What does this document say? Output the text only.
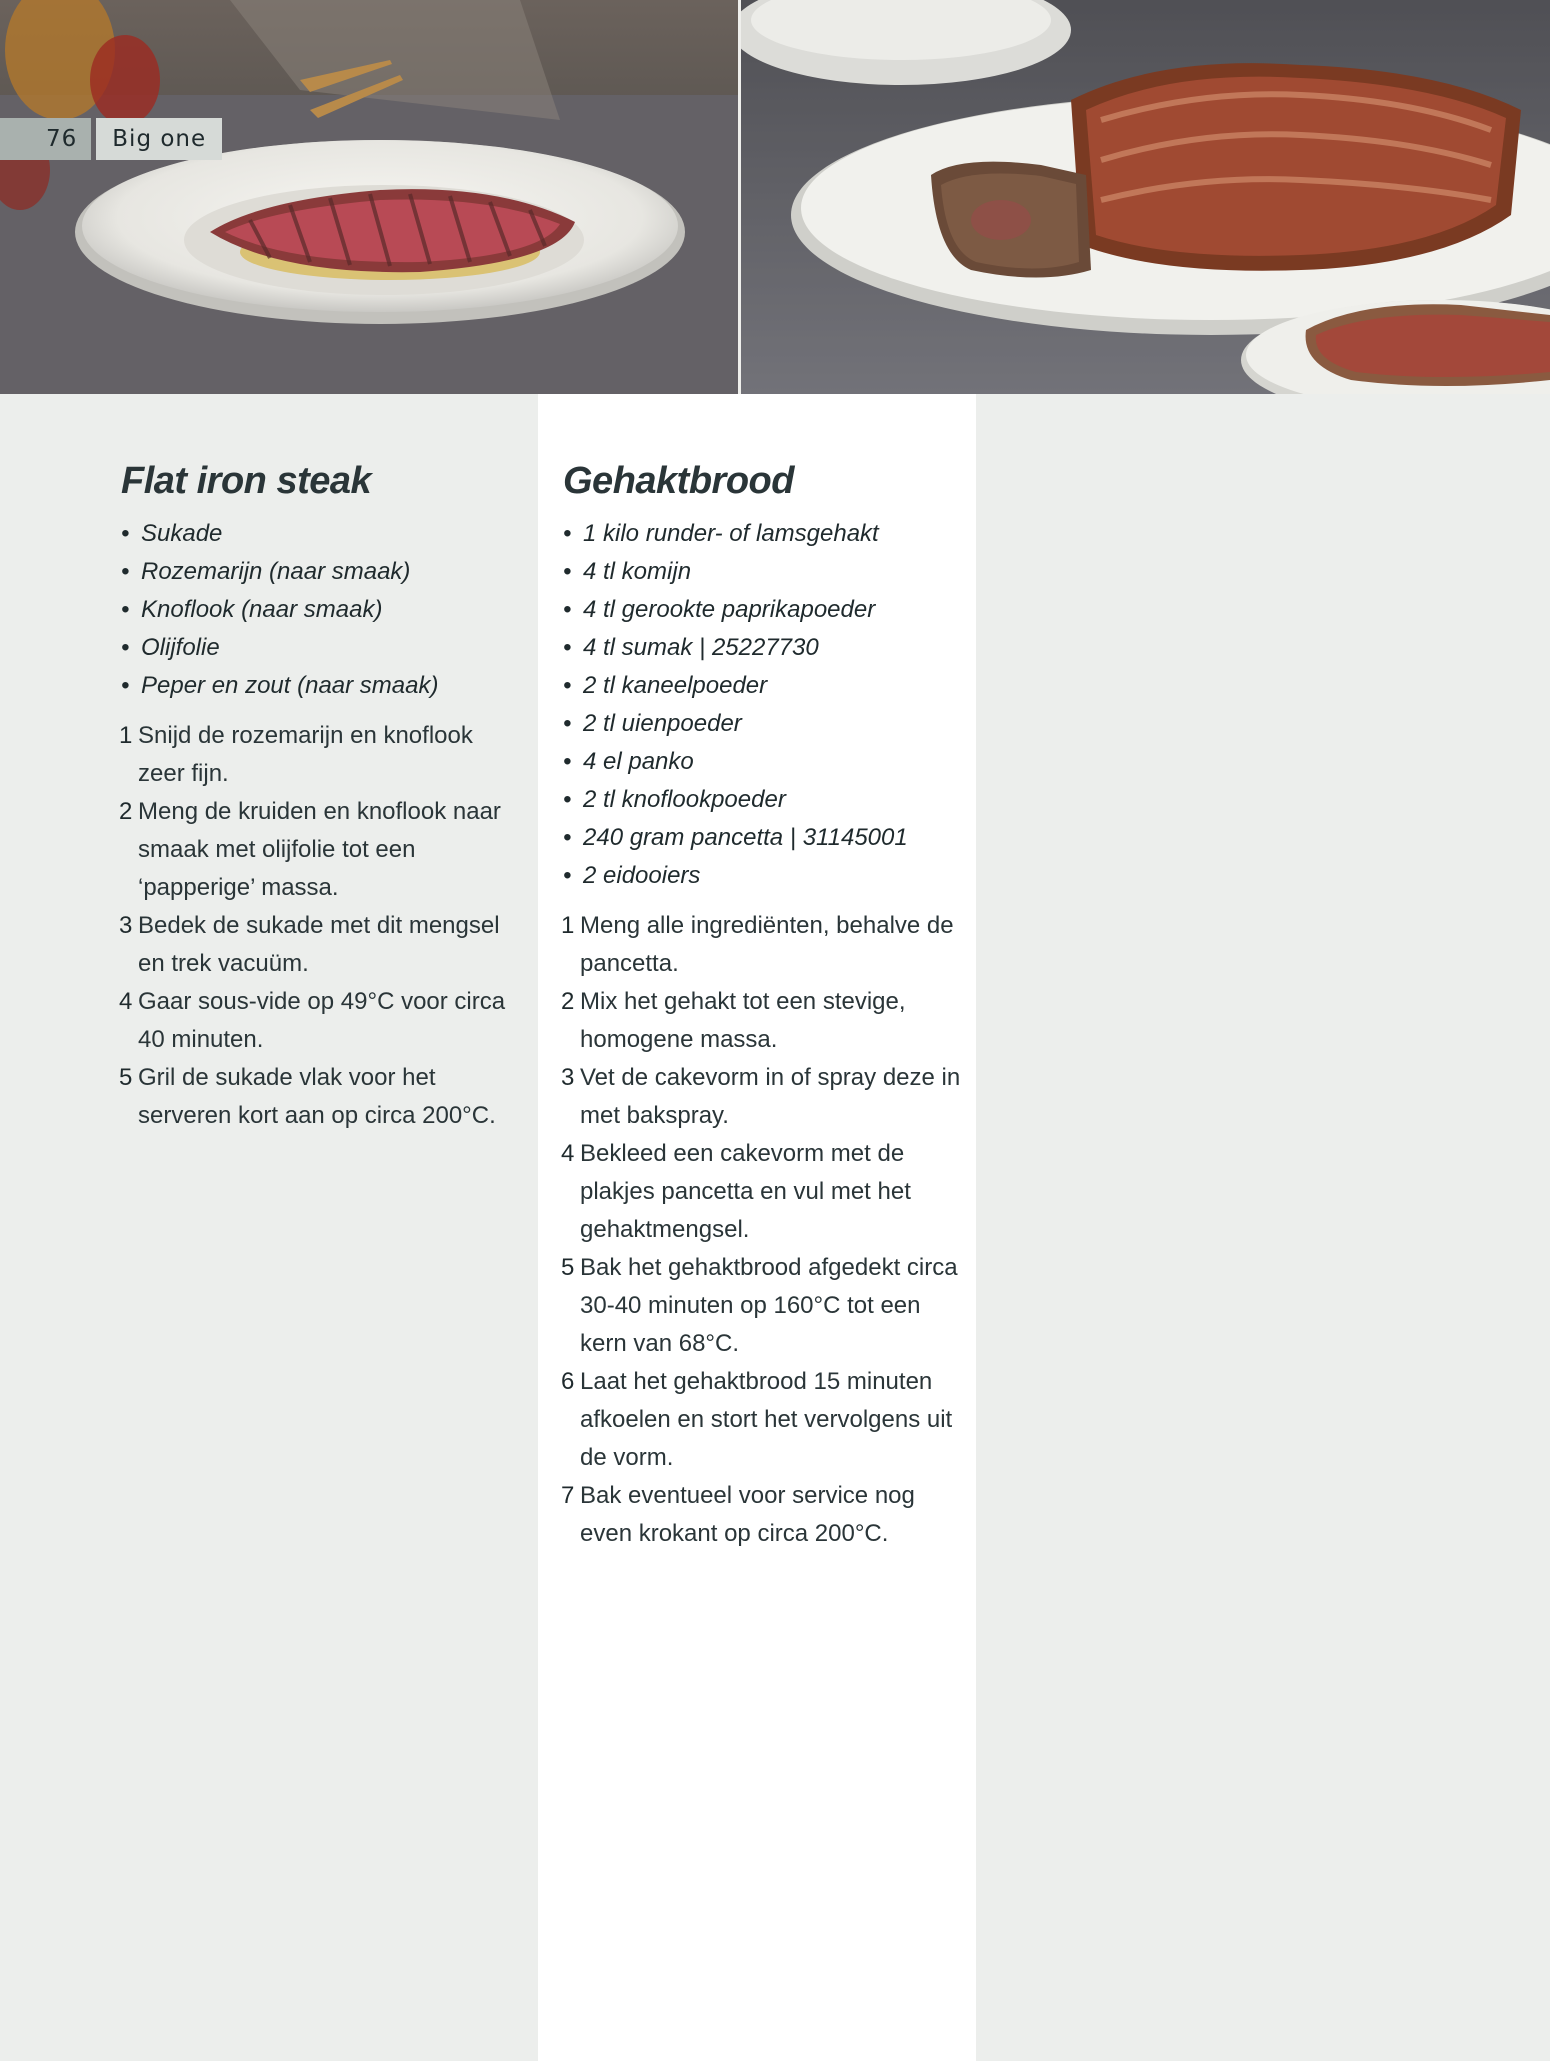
76	Big one
Flat iron steak
• Sukade
• Rozemarijn (naar smaak)
• Knoflook (naar smaak)
• Olijfolie
• Peper en zout (naar smaak)
1 Snijd de rozemarijn en knoflook zeer fijn.
2 Meng de kruiden en knoflook naar smaak met olijfolie tot een ‘papperige’ massa.
3 Bedek de sukade met dit mengsel en trek vacuüm.
4 Gaar sous-vide op 49°C voor circa 40 minuten.
5 Gril de sukade vlak voor het serveren kort aan op circa 200°C.
Gehaktbrood
• 1 kilo runder- of lamsgehakt
• 4 tl komijn
• 4 tl gerookte paprikapoeder
• 4 tl sumak | 25227730
• 2 tl kaneelpoeder
• 2 tl uienpoeder
• 4 el panko
• 2 tl knoflookpoeder
• 240 gram pancetta | 31145001
• 2 eidooiers
1 Meng alle ingrediënten, behalve de pancetta.
2 Mix het gehakt tot een stevige, homogene massa.
3 Vet de cakevorm in of spray deze in met bakspray.
4 Bekleed een cakevorm met de plakjes pancetta en vul met het gehaktmengsel.
5 Bak het gehaktbrood afgedekt circa 30-40 minuten op 160°C tot een kern van 68°C.
6 Laat het gehaktbrood 15 minuten afkoelen en stort het vervolgens uit de vorm.
7 Bak eventueel voor service nog even krokant op circa 200°C.
